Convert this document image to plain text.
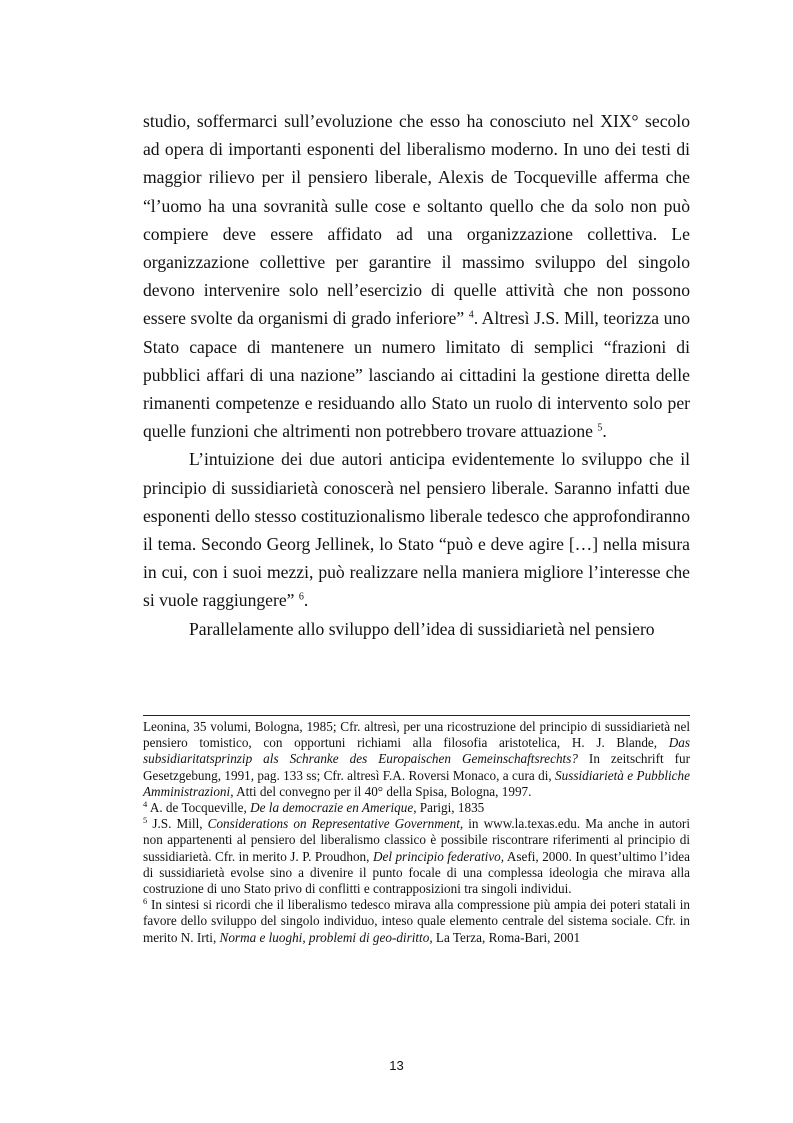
studio, soffermarci sull’evoluzione che esso ha conosciuto nel XIX° secolo ad opera di importanti esponenti del liberalismo moderno. In uno dei testi di maggior rilievo per il pensiero liberale, Alexis de Tocqueville afferma che “l’uomo ha una sovranità sulle cose e soltanto quello che da solo non può compiere deve essere affidato ad una organizzazione collettiva. Le organizzazione collettive per garantire il massimo sviluppo del singolo devono intervenire solo nell’esercizio di quelle attività che non possono essere svolte da organismi di grado inferiore” $^4$. Altresì J.S. Mill, teorizza uno Stato capace di mantenere un numero limitato di semplici “frazioni di pubblici affari di una nazione” lasciando ai cittadini la gestione diretta delle rimanenti competenze e residuando allo Stato un ruolo di intervento solo per quelle funzioni che altrimenti non potrebbero trovare attuazione $^5$.

L’intuizione dei due autori anticipa evidentemente lo sviluppo che il principio di sussidiarietà conoscerà nel pensiero liberale. Saranno infatti due esponenti dello stesso costituzionalismo liberale tedesco che approfondiranno il tema. Secondo Georg Jellinek, lo Stato “può e deve agire […] nella misura in cui, con i suoi mezzi, può realizzare nella maniera migliore l’interesse che si vuole raggiungere” $^6$.

Parallelamente allo sviluppo dell’idea di sussidiarietà nel pensiero

Leonina, 35 volumi, Bologna, 1985; Cfr. altresì, per una ricostruzione del principio di sussidiarietà nel pensiero tomistico, con opportuni richiami alla filosofia aristotelica, H. J. Blande, Das subsidiaritatsprinzip als Schranke des Europaischen Gemeinschaftsrechts? In zeitschrift fur Gesetzgebung, 1991, pag. 133 ss; Cfr. altresì F.A. Roversi Monaco, a cura di, Sussidiarietà e Pubbliche Amministrazioni, Atti del convegno per il 40° della Spisa, Bologna, 1997.

$^4$ A. de Tocqueville, De la democrazie en Amerique, Parigi, 1835

$^5$ J.S. Mill, Considerations on Representative Government, in www.la.texas.edu. Ma anche in autori non appartenenti al pensiero del liberalismo classico è possibile riscontrare riferimenti al principio di sussidiarietà. Cfr. in merito J. P. Proudhon, Del principio federativo, Asefi, 2000. In quest’ultimo l’idea di sussidiarietà evolse sino a divenire il punto focale di una complessa ideologia che mirava alla costruzione di uno Stato privo di conflitti e contrapposizioni tra singoli individui.

$^6$ In sintesi si ricordi che il liberalismo tedesco mirava alla compressione più ampia dei poteri statali in favore dello sviluppo del singolo individuo, inteso quale elemento centrale del sistema sociale. Cfr. in merito N. Irti, Norma e luoghi, problemi di geo-diritto, La Terza, Roma-Bari, 2001

13
